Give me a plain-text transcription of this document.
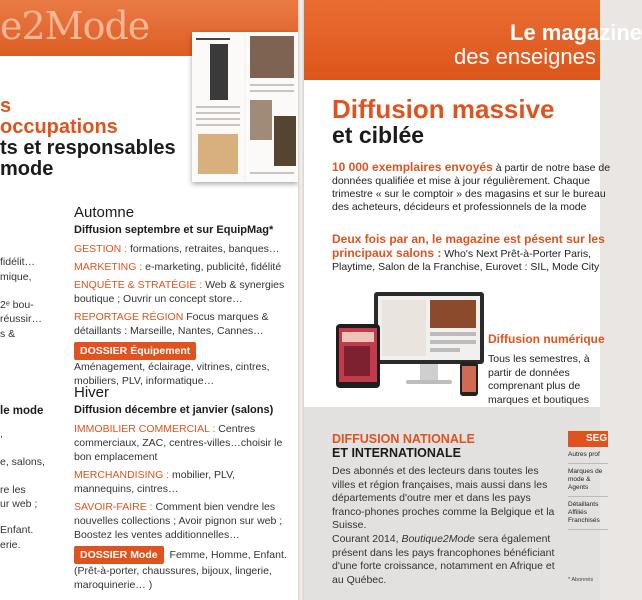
e2Mode
s
occupations
ts et responsables
mode
fidélit…
mique,
2ᵉ bou-
réussir…
s &
le mode
,
e, salons,
re les
ur web ;
Enfant.
erie.
Automne
Diffusion septembre et sur EquipMag*
GESTION : formations, retraites, banques…
MARKETING : e-marketing, publicité, fidélité
ENQUÊTE & STRATÉGIE : Web & synergies boutique ; Ouvrir un concept store…
REPORTAGE RÉGION Focus marques & détaillants : Marseille, Nantes, Cannes…
DOSSIER Équipement
Aménagement, éclairage, vitrines, cintres, mobiliers, PLV, informatique…
Hiver
Diffusion décembre et janvier (salons)
IMMOBILIER COMMERCIAL : Centres commerciaux, ZAC, centres-villes…choisir le bon emplacement
MERCHANDISING : mobilier, PLV, mannequins, cintres…
SAVOIR-FAIRE : Comment bien vendre les nouvelles collections ; Avoir pignon sur web ; Boostez les ventes additionnelles…
DOSSIER Mode Femme, Homme, Enfant.
(Prêt-à-porter, chaussures, bijoux, lingerie, maroquinerie… )
Le magazine
des enseignes
Diffusion massive
et ciblée
10 000 exemplaires envoyés à partir de notre base de données qualifiée et mise à jour régulièrement. Chaque trimestre « sur le comptoir » des magasins et sur le bureau des acheteurs, décideurs et professionnels de la mode
Deux fois par an, le magazine est pésent sur les principaux salons : Who's Next Prêt-à-Porter Paris, Playtime, Salon de la Franchise, Eurovet : SIL, Mode City
Diffusion numérique
Tous les semestres, à partir de données comprenant plus de marques et boutiques
DIFFUSION NATIONALE
ET INTERNATIONALE
Des abonnés et des lecteurs dans toutes les villes et région françaises, mais aussi dans les départements d'outre mer et dans les pays franco-phones proches comme la Belgique et la Suisse.
Courant 2014, Boutique2Mode sera également présent dans les pays francophones bénéficiant d'une forte croissance, notamment en Afrique et au Québec.
SEG
Autres prof
Marques de mode & Agents
Détaillants Affiliés Franchisés
* Abonnés
